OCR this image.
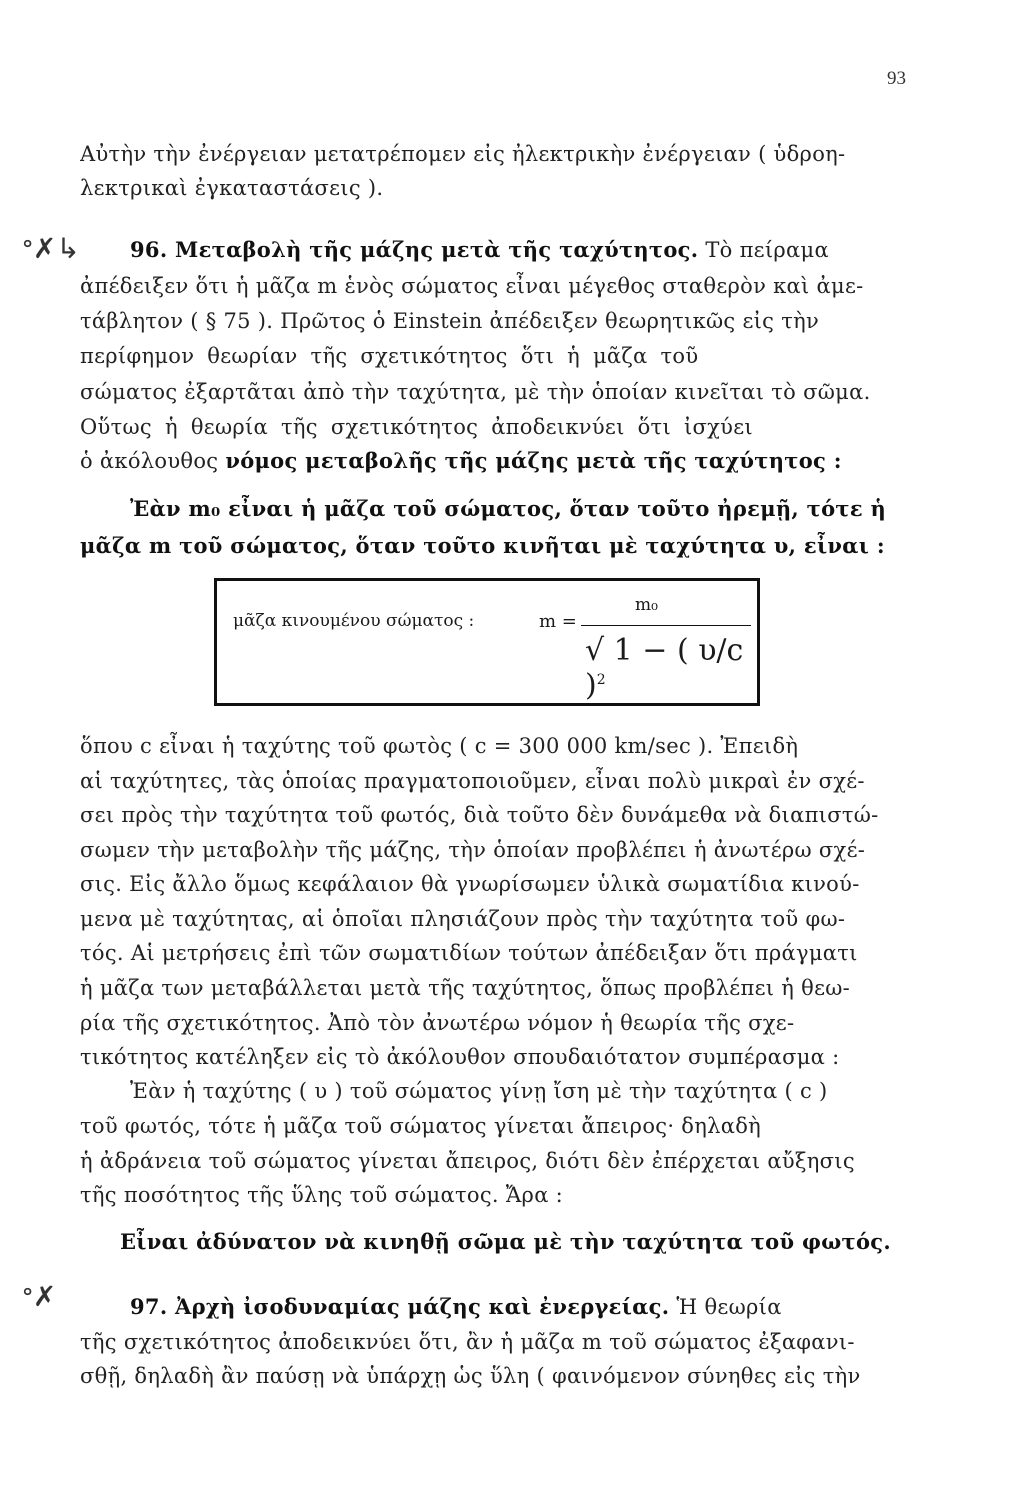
93
Αὐτὴν τὴν ἐνέργειαν μετατρέπομεν εἰς ἠλεκτρικὴν ἐνέργειαν ( ὑδροη-
λεκτρικαὶ ἐγκαταστάσεις ).
ᐤ✗↳ 96. Μεταβολὴ τῆς μάζης μετὰ τῆς ταχύτητος. Τὸ πείραμα
ἀπέδειξεν ὅτι ἡ μᾶζα m ἑνὸς σώματος εἶναι μέγεθος σταθερὸν καὶ ἀμε-
τάβλητον ( § 75 ). Πρῶτος ὁ Einstein ἀπέδειξεν θεωρητικῶς εἰς τὴν
περίφημον θεωρίαν τῆς σχετικότητος ὅτι ἡ μᾶζα τοῦ
σώματος ἐξαρτᾶται ἀπὸ τὴν ταχύτητα, μὲ τὴν ὁποίαν κινεῖται τὸ σῶμα.
Οὕτως ἡ θεωρία τῆς σχετικότητος ἀποδεικνύει ὅτι ἰσχύει
ὁ ἀκόλουθος νόμος μεταβολῆς τῆς μάζης μετὰ τῆς ταχύτητος :
Ἐὰν m₀ εἶναι ἡ μᾶζα τοῦ σώματος, ὅταν τοῦτο ἠρεμῇ, τότε ἡ
μᾶζα m τοῦ σώματος, ὅταν τοῦτο κινῆται μὲ ταχύτητα υ, εἶναι :
μᾶζα κινουμένου σώματος :	m =
m₀
√ 1 − ( υ/c )$^2$
ὅπου c εἶναι ἡ ταχύτης τοῦ φωτὸς ( c = 300 000 km/sec ). Ἐπειδὴ
αἱ ταχύτητες, τὰς ὁποίας πραγματοποιοῦμεν, εἶναι πολὺ μικραὶ ἐν σχέ-
σει πρὸς τὴν ταχύτητα τοῦ φωτός, διὰ τοῦτο δὲν δυνάμεθα νὰ διαπιστώ-
σωμεν τὴν μεταβολὴν τῆς μάζης, τὴν ὁποίαν προβλέπει ἡ ἀνωτέρω σχέ-
σις. Εἰς ἄλλο ὅμως κεφάλαιον θὰ γνωρίσωμεν ὑλικὰ σωματίδια κινού-
μενα μὲ ταχύτητας, αἱ ὁποῖαι πλησιάζουν πρὸς τὴν ταχύτητα τοῦ φω-
τός. Αἱ μετρήσεις ἐπὶ τῶν σωματιδίων τούτων ἀπέδειξαν ὅτι πράγματι
ἡ μᾶζα των μεταβάλλεται μετὰ τῆς ταχύτητος, ὅπως προβλέπει ἡ θεω-
ρία τῆς σχετικότητος. Ἀπὸ τὸν ἀνωτέρω νόμον ἡ θεωρία τῆς σχε-
τικότητος κατέληξεν εἰς τὸ ἀκόλουθον σπουδαιότατον συμπέρασμα :
Ἐὰν ἡ ταχύτης ( υ ) τοῦ σώματος γίνῃ ἴση μὲ τὴν ταχύτητα ( c )
τοῦ φωτός, τότε ἡ μᾶζα τοῦ σώματος γίνεται ἄπειρος· δηλαδὴ
ἡ ἀδράνεια τοῦ σώματος γίνεται ἄπειρος, διότι δὲν ἐπέρχεται αὔξησις
τῆς ποσότητος τῆς ὕλης τοῦ σώματος. Ἄρα :
Εἶναι ἀδύνατον νὰ κινηθῇ σῶμα μὲ τὴν ταχύτητα τοῦ φωτός.
ᐤ✗	97. Ἀρχὴ ἰσοδυναμίας μάζης καὶ ἐνεργείας. Ἡ θεωρία
τῆς σχετικότητος ἀποδεικνύει ὅτι, ἂν ἡ μᾶζα m τοῦ σώματος ἐξαφανι-
σθῇ, δηλαδὴ ἂν παύσῃ νὰ ὑπάρχῃ ὡς ὕλη ( φαινόμενον σύνηθες εἰς τὴν
